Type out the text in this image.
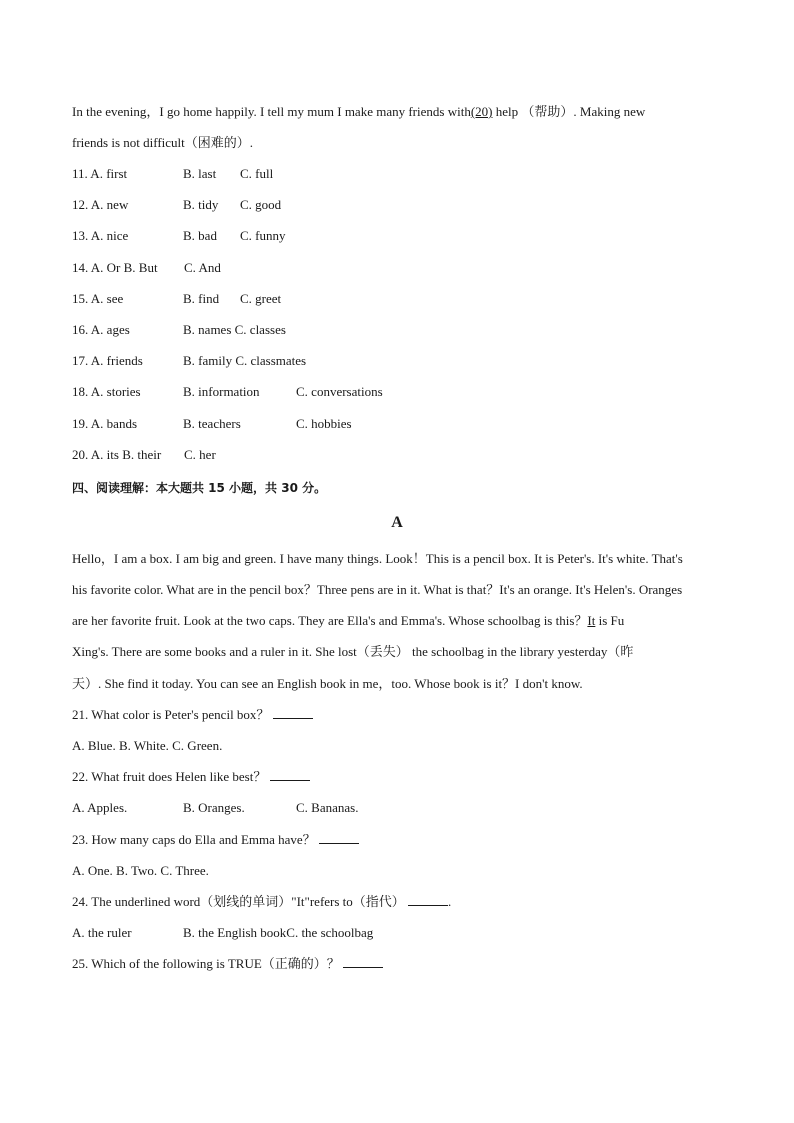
In the evening，I go home happily. I tell my mum I make many friends with(20) help （帮助）. Making new
friends is not difficult（困难的）.
11. A. first	B. last C. full
12. A. new	B. tidy C. good
13. A. nice	B. bad C. funny
14. A. Or B. But C. And
15. A. see	B. find C. greet
16. A. ages	B. names C. classes
17. A. friends	B. family C. classmates
18. A. stories	B. information	C. conversations
19. A. bands	B. teachers	C. hobbies
20. A. its B. their C. her
四、阅读理解：本大题共 15 小题，共 30 分。
A
Hello，I am a box. I am big and green. I have many things. Look！This is a pencil box. It is Peter's. It's white. That's
his favorite color. What are in the pencil box？Three pens are in it. What is that？It's an orange. It's Helen's. Oranges
are her favorite fruit. Look at the two caps. They are Ella's and Emma's. Whose schoolbag is this？It is Fu
Xing's. There are some books and a ruler in it. She lost（丢失） the schoolbag in the library yesterday（昨
天）. She find it today. You can see an English book in me，too. Whose book is it？I don't know.
21. What color is Peter's pencil box？
A. Blue. B. White. C. Green.
22. What fruit does Helen like best？
A. Apples.	B. Oranges.	C. Bananas.
23. How many caps do Ella and Emma have？
A. One. B. Two. C. Three.
24. The underlined word（划线的单词）"It"refers to（指代）	.
A. the ruler	B. the English bookC. the schoolbag
25. Which of the following is TRUE（正确的）？
